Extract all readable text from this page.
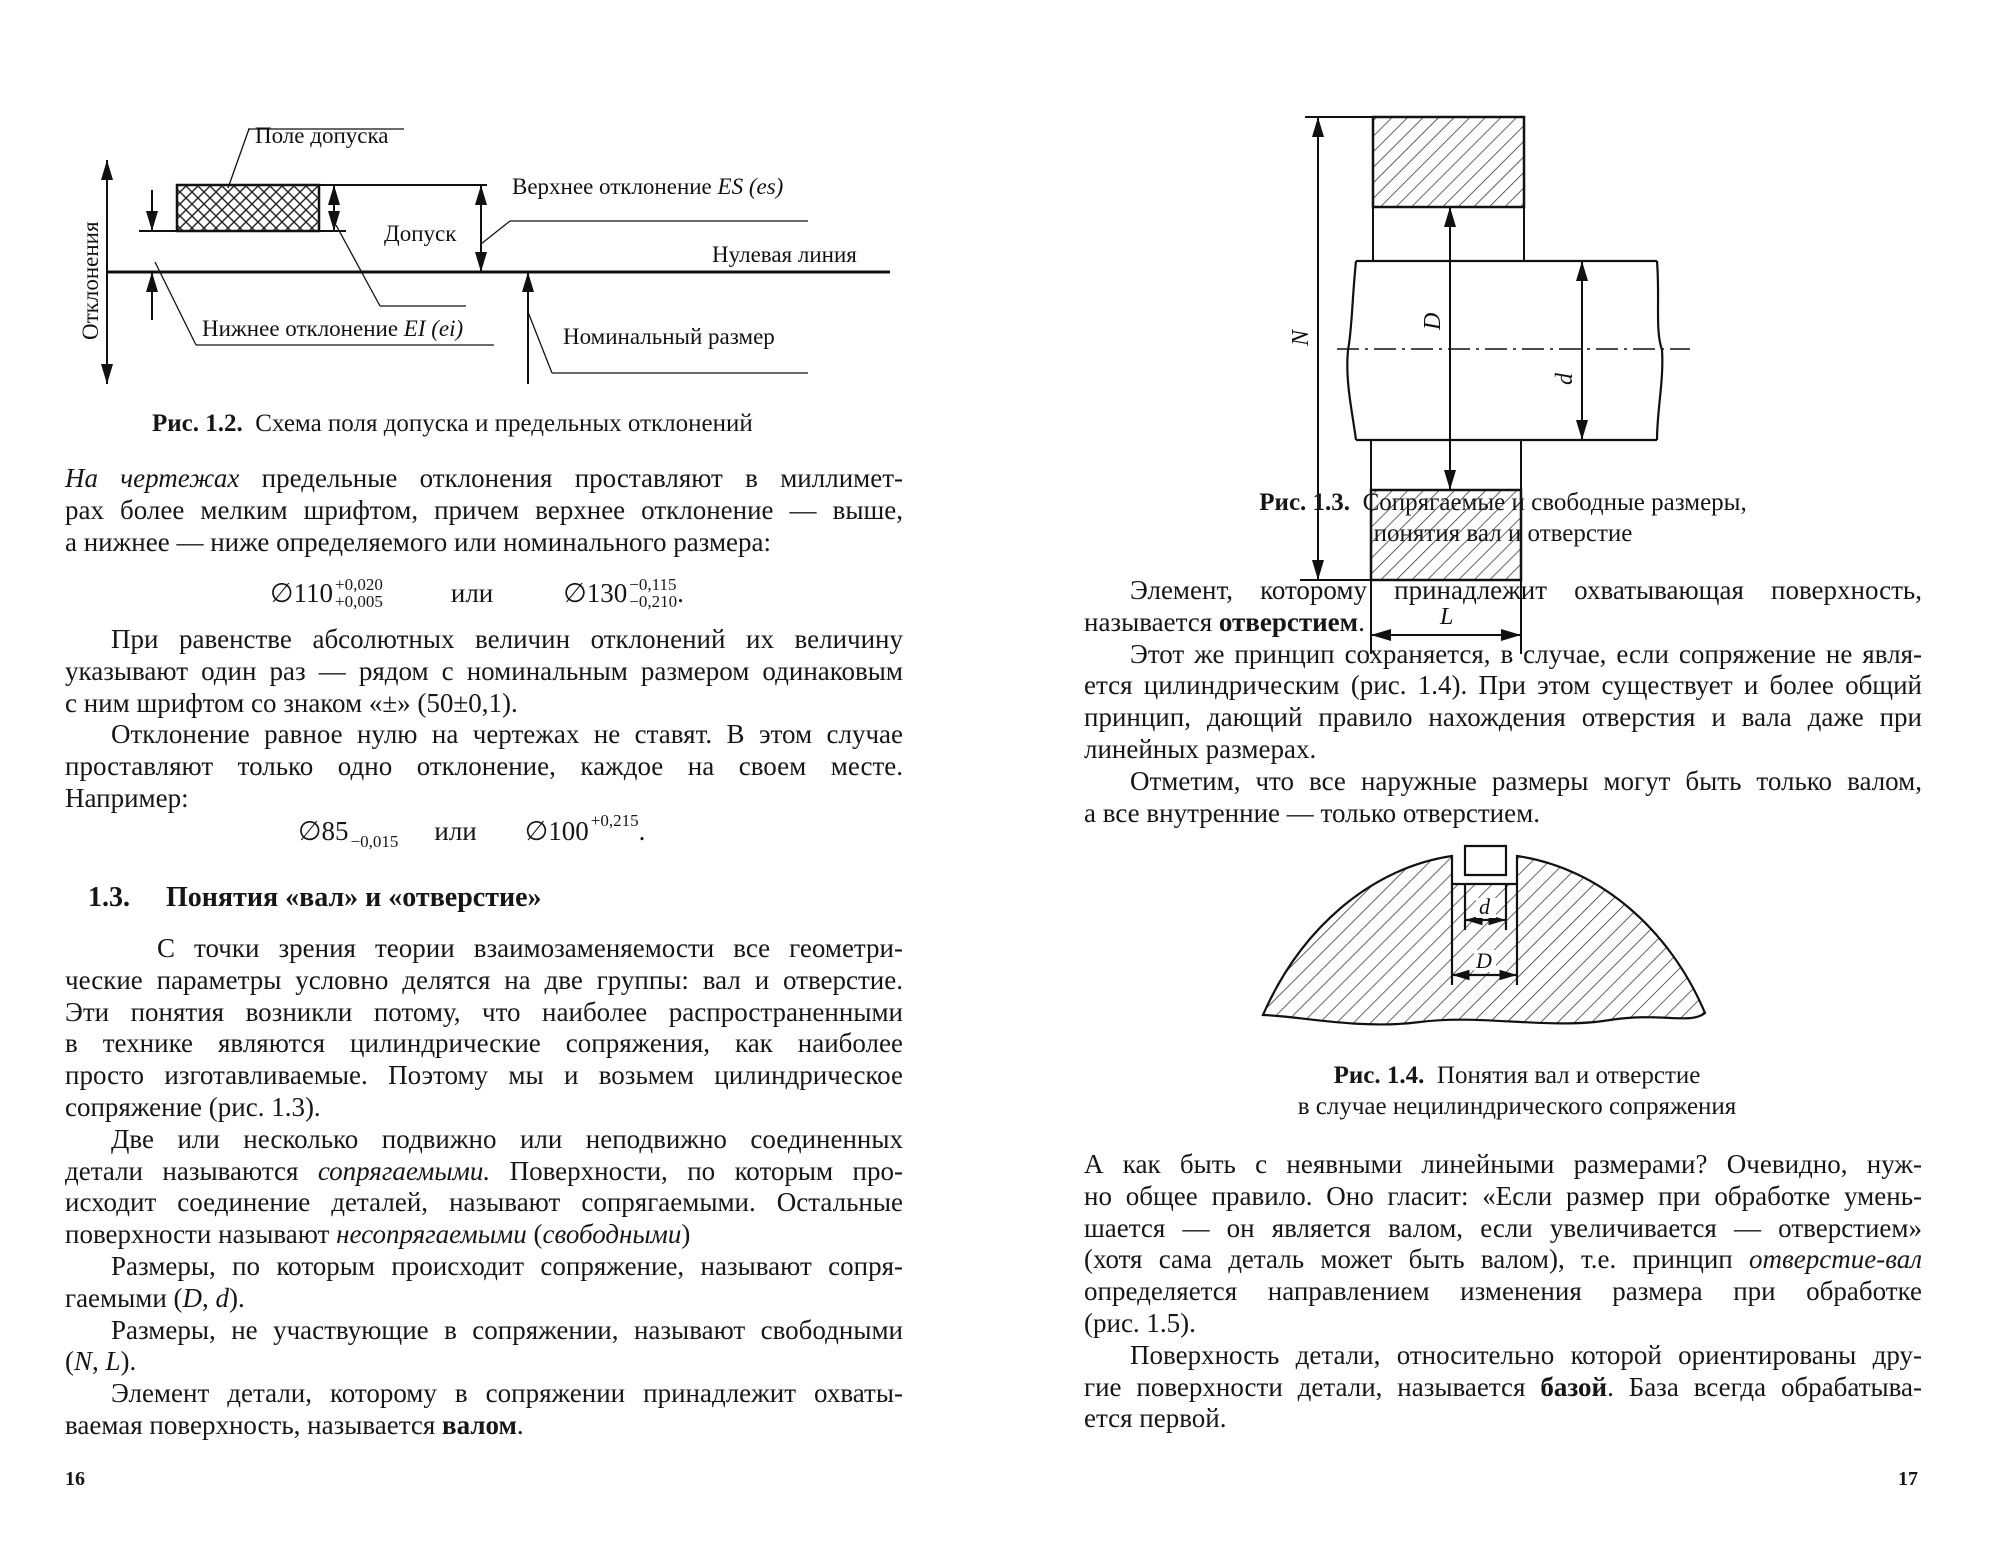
Поле допуска
Верхнее отклонение ES (es)
Допуск
Нулевая линия
Нижнее отклонение EI (ei)	Номинальный размер
Отклонения
Рис. 1.2. Схема поля допуска и предельных отклонений
На чертежах предельные отклонения проставляют в миллимет-
рах более мелким шрифтом, причем верхнее отклонение — выше,
а нижнее — ниже определяемого или номинального размера:
∅110 +0,020
+0,005	или	∅130 −0,115
−0,210 .
При равенстве абсолютных величин отклонений их величину
указывают один раз — рядом с номинальным размером одинаковым
с ним шрифтом со знаком «±» (50±0,1).
Отклонение равное нулю на чертежах не ставят. В этом случае
проставляют только одно отклонение, каждое на своем месте.
Например:
∅85 −0,015 или ∅100 +0,215 .
1.3. Понятия «вал» и «отверстие»
С точки зрения теории взаимозаменяемости все геометри-
ческие параметры условно делятся на две группы: вал и отверстие.
Эти понятия возникли потому, что наиболее распространенными
в технике являются цилиндрические сопряжения, как наиболее
просто изготавливаемые. Поэтому мы и возьмем цилиндрическое
сопряжение (рис. 1.3).
Две или несколько подвижно или неподвижно соединенных
детали называются сопрягаемыми. Поверхности, по которым про-
исходит соединение деталей, называют сопрягаемыми. Остальные
поверхности называют несопрягаемыми (свободными)
Размеры, по которым происходит сопряжение, называют сопря-
гаемыми (D, d).
Размеры, не участвующие в сопряжении, называют свободными
(N, L).
Элемент детали, которому в сопряжении принадлежит охваты-
ваемая поверхность, называется валом.
16
N
D
d
L
Рис. 1.3. Сопрягаемые и свободные размеры,
понятия вал и отверстие
Элемент, которому принадлежит охватывающая поверхность,
называется отверстием.
Этот же принцип сохраняется, в случае, если сопряжение не явля-
ется цилиндрическим (рис. 1.4). При этом существует и более общий
принцип, дающий правило нахождения отверстия и вала даже при
линейных размерах.
Отметим, что все наружные размеры могут быть только валом,
а все внутренние — только отверстием.
d
D
Рис. 1.4. Понятия вал и отверстие
в случае нецилиндрического сопряжения
А как быть с неявными линейными размерами? Очевидно, нуж-
но общее правило. Оно гласит: «Если размер при обработке умень-
шается — он является валом, если увеличивается — отверстием»
(хотя сама деталь может быть валом), т.е. принцип отверстие-вал
определяется направлением изменения размера при обработке
(рис. 1.5).
Поверхность детали, относительно которой ориентированы дру-
гие поверхности детали, называется базой. База всегда обрабатыва-
ется первой.
17
